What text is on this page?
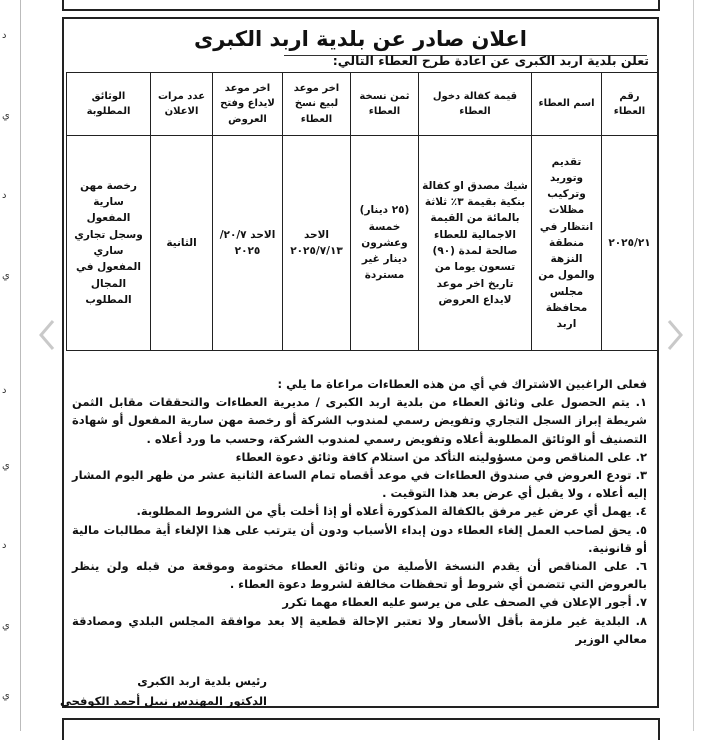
د
ي
د
ي
د
ي
د
ي
ي
اعلان صادر عن بلدية اربد الكبرى
تعلن بلدية اربد الكبرى عن اعادة طرح العطاء التالي:
رقم العطاء	اسم العطاء	قيمة كفالة دخول العطاء	ثمن نسخة العطاء	اخر موعد لبيع نسخ العطاء	اخر موعد لايداع وفتح العروض	عدد مرات الاعلان	الوثائق المطلوبة
٢٠٢٥/٢١	تقديم وتوريد وتركيب مظلات انتظار في منطقة النزهة والمول من مجلس محافظة اربد	شيك مصدق او كفالة بنكية بقيمة ٣٪ ثلاثة بالمائة من القيمة الاجمالية للعطاء صالحة لمدة (٩٠) تسعون يوما من تاريخ اخر موعد لايداع العروض	(٢٥ دينار) خمسة وعشرون دينار غير مستردة	الاحد ٢٠٢٥/٧/١٣	الاحد ٢٠/٧/ ٢٠٢٥	الثانية	رخصة مهن سارية المفعول وسجل تجاري ساري المفعول في المجال المطلوب

فعلى الراغبين الاشتراك في أي من هذه العطاءات مراعاة ما يلي :

١. يتم الحصول على وثائق العطاء من بلدية اربد الكبرى / مديرية العطاءات والتحققات مقابل الثمن شريطة إبراز السجل التجاري وتفويض رسمي لمندوب الشركة أو رخصة مهن سارية المفعول أو شهادة التصنيف أو الوثائق المطلوبة أعلاه وتفويض رسمي لمندوب الشركة، وحسب ما ورد أعلاه .

٢. على المناقص ومن مسؤوليته التأكد من استلام كافة وثائق دعوة العطاء

٣. تودع العروض في صندوق العطاءات في موعد أقصاه تمام الساعة الثانية عشر من ظهر اليوم المشار إليه أعلاه ، ولا يقبل أي عرض بعد هذا التوقيت .

٤. يهمل أي عرض غير مرفق بالكفالة المذكورة أعلاه أو إذا أخلت بأي من الشروط المطلوبة.

٥. يحق لصاحب العمل إلغاء العطاء دون إبداء الأسباب ودون أن يترتب على هذا الإلغاء أية مطالبات مالية أو قانونية.

٦. على المناقص أن يقدم النسخة الأصلية من وثائق العطاء مختومة وموقعة من قبله ولن ينظر بالعروض التي تتضمن أي شروط أو تحفظات مخالفة لشروط دعوة العطاء .

٧. أجور الإعلان في الصحف على من يرسو عليه العطاء مهما تكرر

٨. البلدية غير ملزمة بأقل الأسعار ولا تعتبر الإحالة قطعية إلا بعد موافقة المجلس البلدي ومصادقة معالي الوزير

رئيس بلدية اربد الكبرى
الدكتور المهندس نبيل أحمد الكوفحي
